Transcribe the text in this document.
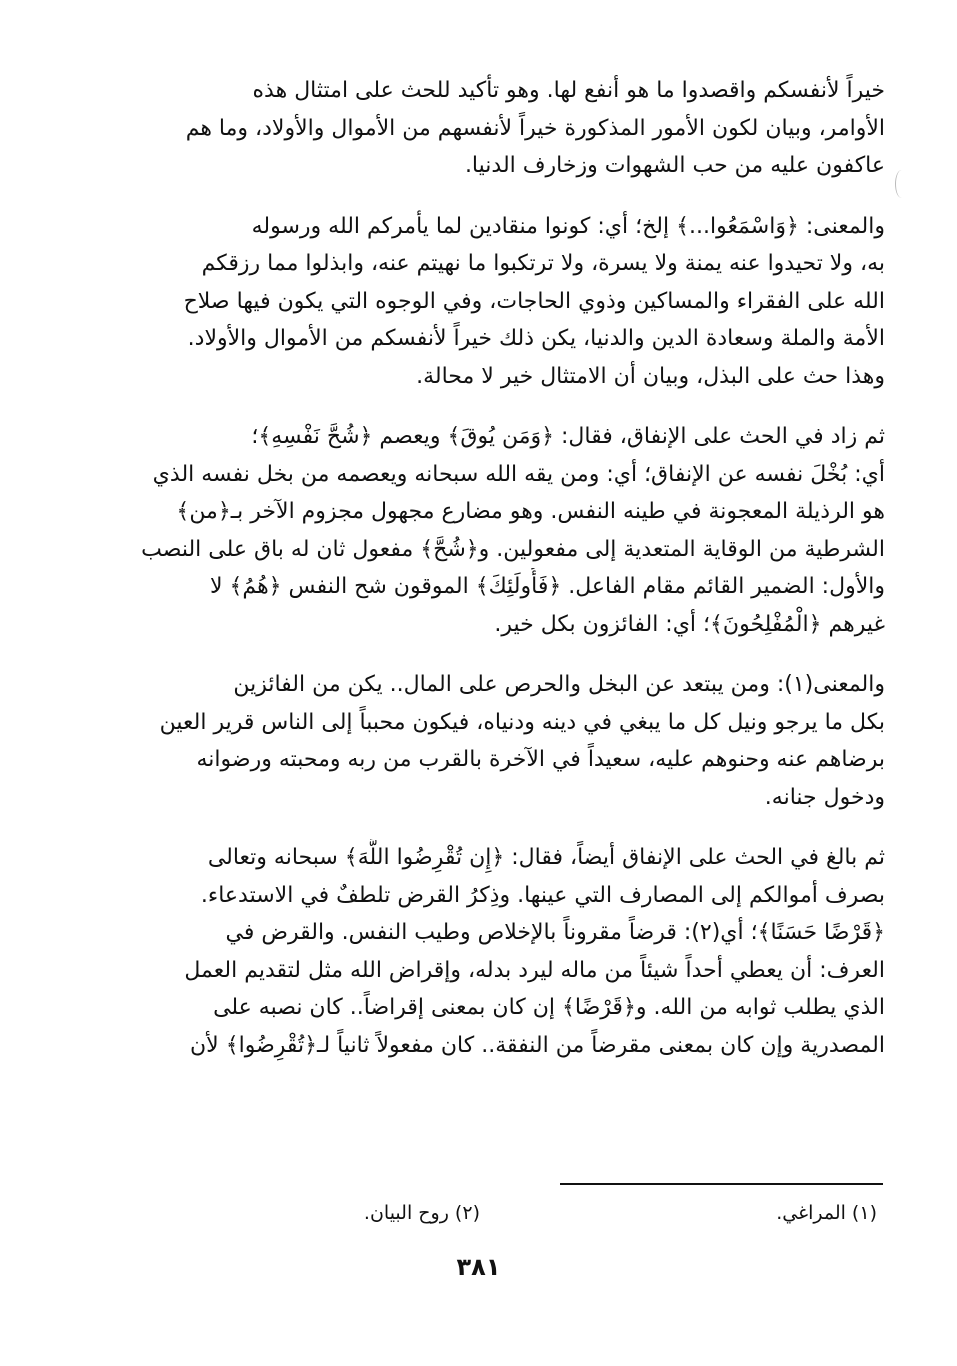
خيراً لأنفسكم واقصدوا ما هو أنفع لها. وهو تأكيد للحث على امتثال هذه
الأوامر، وبيان لكون الأمور المذكورة خيراً لأنفسهم من الأموال والأولاد، وما هم
عاكفون عليه من حب الشهوات وزخارف الدنيا.
والمعنى: ﴿وَاسْمَعُوا...﴾ إلخ؛ أي: كونوا منقادين لما يأمركم الله ورسوله
به، ولا تحيدوا عنه يمنة ولا يسرة، ولا ترتكبوا ما نهيتم عنه، وابذلوا مما رزقكم
الله على الفقراء والمساكين وذوي الحاجات، وفي الوجوه التي يكون فيها صلاح
الأمة والملة وسعادة الدين والدنيا، يكن ذلك خيراً لأنفسكم من الأموال والأولاد.
وهذا حث على البذل، وبيان أن الامتثال خير لا محالة.
ثم زاد في الحث على الإنفاق، فقال: ﴿وَمَن يُوقَ﴾ ويعصم ﴿شُحَّ نَفْسِهِ﴾؛
أي: بُخْلَ نفسه عن الإنفاق؛ أي: ومن يقه الله سبحانه ويعصمه من بخل نفسه الذي
هو الرذيلة المعجونة في طينه النفس. وهو مضارع مجهول مجزوم الآخر بـ﴿من﴾
الشرطية من الوقاية المتعدية إلى مفعولين. و﴿شُحَّ﴾ مفعول ثان له باق على النصب
والأول: الضمير القائم مقام الفاعل. ﴿فَأُولَئِكَ﴾ الموقون شح النفس ﴿هُمُ﴾ لا
غيرهم ﴿الْمُفْلِحُونَ﴾؛ أي: الفائزون بكل خير.
والمعنى(١): ومن يبتعد عن البخل والحرص على المال.. يكن من الفائزين
بكل ما يرجو ونيل كل ما يبغي في دينه ودنياه، فيكون محبباً إلى الناس قرير العين
برضاهم عنه وحنوهم عليه، سعيداً في الآخرة بالقرب من ربه ومحبته ورضوانه
ودخول جنانه.
ثم بالغ في الحث على الإنفاق أيضاً، فقال: ﴿إِن تُقْرِضُوا اللَّهَ﴾ سبحانه وتعالى
بصرف أموالكم إلى المصارف التي عينها. وذِكرُ القرض تلطفٌ في الاستدعاء.
﴿قَرْضًا حَسَنًا﴾؛ أي(٢): قرضاً مقروناً بالإخلاص وطيب النفس. والقرض في
العرف: أن يعطي أحداً شيئاً من ماله ليرد بدله، وإقراض الله مثل لتقديم العمل
الذي يطلب ثوابه من الله. و﴿قَرْضًا﴾ إن كان بمعنى إقراضاً.. كان نصبه على
المصدرية وإن كان بمعنى مقرضاً من النفقة.. كان مفعولاً ثانياً لـ﴿تُقْرِضُوا﴾ لأن
(١) المراغي.
(٢) روح البيان.
٣٨١
